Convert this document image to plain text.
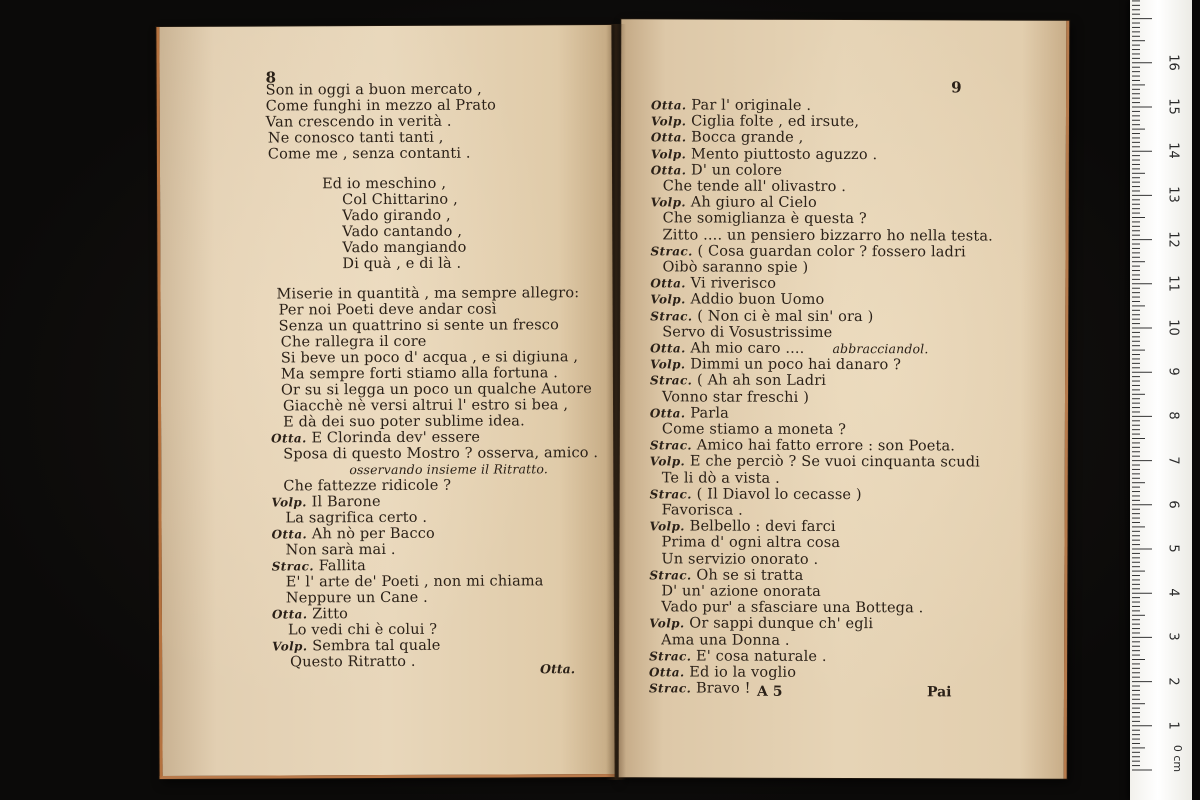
8
Son in oggi a buon mercato ,
Come funghi in mezzo al Prato
Van crescendo in verità .
Ne conosco tanti tanti ,
Come me , senza contanti .
Ed io meschino ,
Col Chittarino ,
Vado girando ,
Vado cantando ,
Vado mangiando
Di quà , e di là .
Miserie in quantità , ma sempre allegro:
Per noi Poeti deve andar così
Senza un quattrino si sente un fresco
Che rallegra il core
Si beve un poco d' acqua , e si digiuna ,
Ma sempre forti stiamo alla fortuna .
Or su si legga un poco un qualche Autore
Giacchè nè versi altrui l' estro si bea ,
E dà dei suo poter sublime idea.
Otta. E Clorinda dev' essere
Sposa di questo Mostro ? osserva, amico .
osservando insieme il Ritratto.
Che fattezze ridicole ?
Volp. Il Barone
La sagrifica certo .
Otta. Ah nò per Bacco
Non sarà mai .
Strac. Fallita
E' l' arte de' Poeti , non mi chiama
Neppure un Cane .
Otta. Zitto
Lo vedi chi è colui ?
Volp. Sembra tal quale
Questo Ritratto .	Otta.
9
Otta. Par l' originale .
Volp. Ciglia folte , ed irsute,
Otta. Bocca grande ,
Volp. Mento piuttosto aguzzo .
Otta. D' un colore
Che tende all' olivastro .
Volp. Ah giuro al Cielo
Che somiglianza è questa ?
Zitto .... un pensiero bizzarro ho nella testa.
Strac. ( Cosa guardan color ? fossero ladri
Oibò saranno spie )
Otta. Vi riverisco
Volp. Addio buon Uomo
Strac. ( Non ci è mal sin' ora )
Servo di Vosustrissime
Otta. Ah mio caro .... abbracciandol.
Volp. Dimmi un poco hai danaro ?
Strac. ( Ah ah son Ladri
Vonno star freschi )
Otta. Parla
Come stiamo a moneta ?
Strac. Amico hai fatto errore : son Poeta.
Volp. E che perciò ? Se vuoi cinquanta scudi
Te li dò a vista .
Strac. ( Il Diavol lo cecasse )
Favorisca .
Volp. Belbello : devi farci
Prima d' ogni altra cosa
Un servizio onorato .
Strac. Oh se si tratta
D' un' azione onorata
Vado pur' a sfasciare una Bottega .
Volp. Or sappi dunque ch' egli
Ama una Donna .
Strac. E' cosa naturale .
Otta. Ed io la voglio
Strac. Bravo ! A 5	Pai
0 cm
1
2
3
4
5
6
7
8
9
10
11
12
13
14
15
16
